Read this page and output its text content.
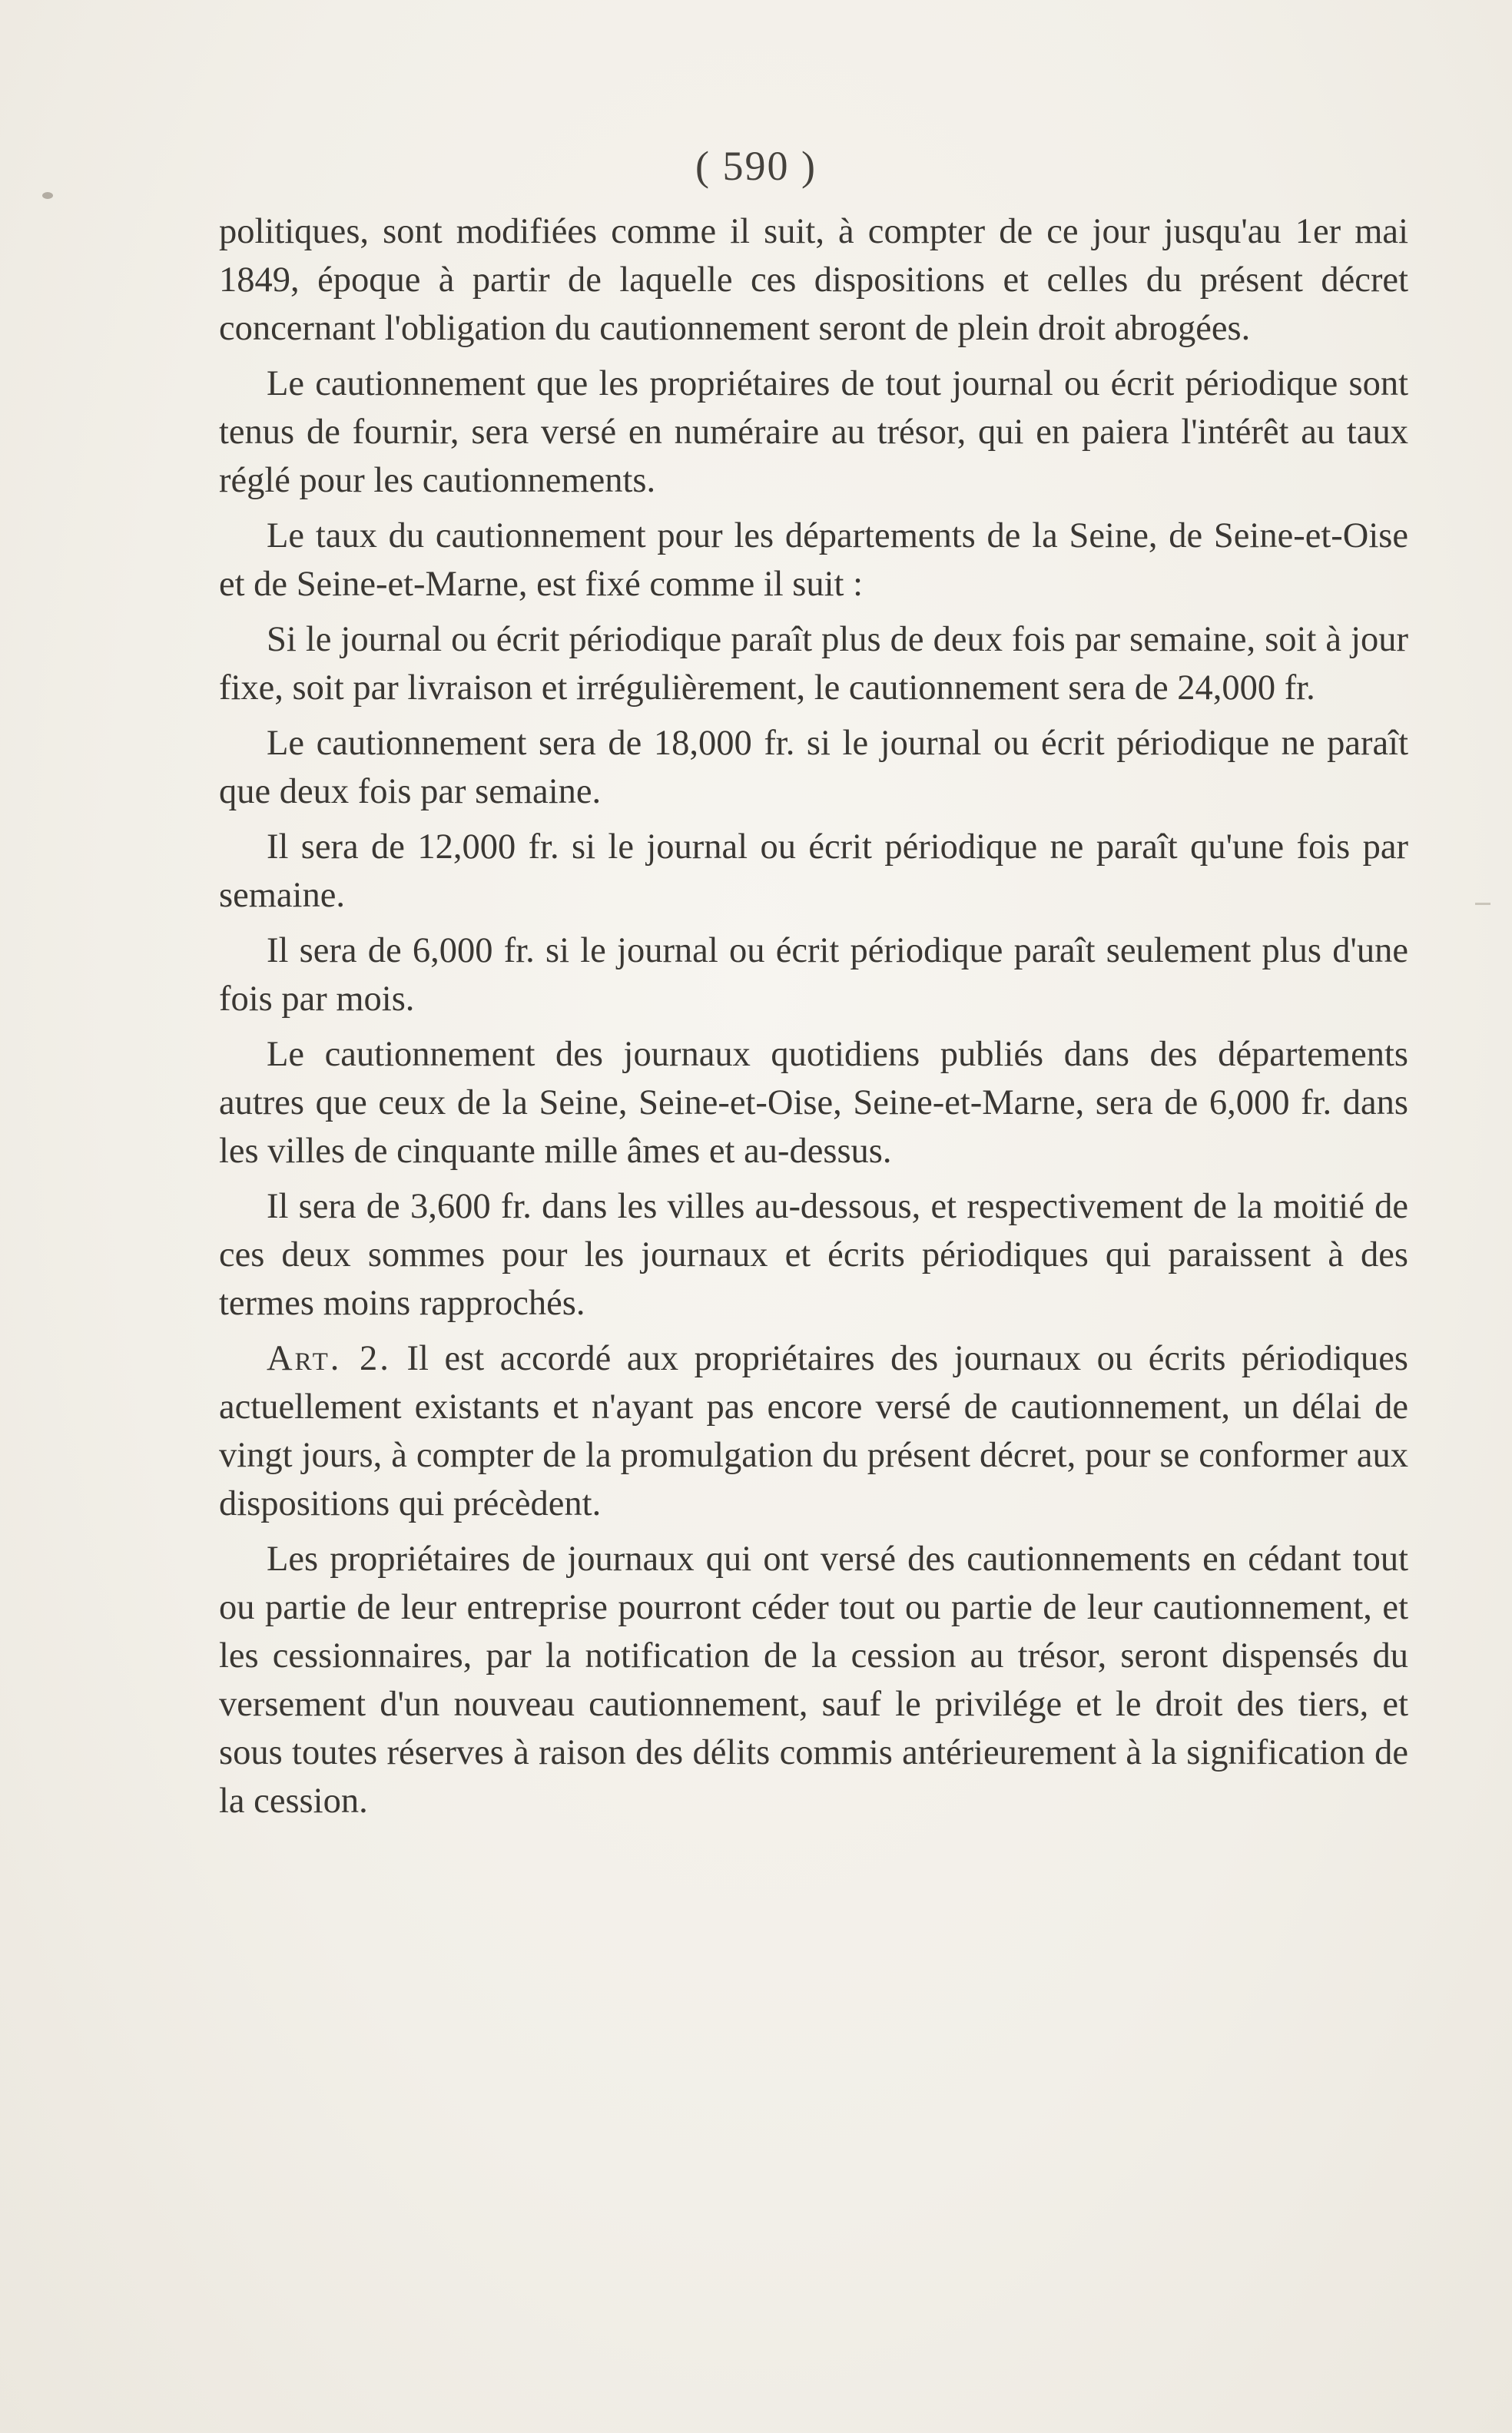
( 590 )

politiques, sont modifiées comme il suit, à compter de ce jour jusqu'au 1er mai 1849, époque à partir de laquelle ces dispositions et celles du présent décret concernant l'obligation du cautionnement seront de plein droit abrogées.

Le cautionnement que les propriétaires de tout journal ou écrit périodique sont tenus de fournir, sera versé en numéraire au trésor, qui en paiera l'intérêt au taux réglé pour les cautionnements.

Le taux du cautionnement pour les départements de la Seine, de Seine-et-Oise et de Seine-et-Marne, est fixé comme il suit :

Si le journal ou écrit périodique paraît plus de deux fois par semaine, soit à jour fixe, soit par livraison et irrégulièrement, le cautionnement sera de 24,000 fr.

Le cautionnement sera de 18,000 fr. si le journal ou écrit périodique ne paraît que deux fois par semaine.

Il sera de 12,000 fr. si le journal ou écrit périodique ne paraît qu'une fois par semaine.

Il sera de 6,000 fr. si le journal ou écrit périodique paraît seulement plus d'une fois par mois.

Le cautionnement des journaux quotidiens publiés dans des départements autres que ceux de la Seine, Seine-et-Oise, Seine-et-Marne, sera de 6,000 fr. dans les villes de cinquante mille âmes et au-dessus.

Il sera de 3,600 fr. dans les villes au-dessous, et respectivement de la moitié de ces deux sommes pour les journaux et écrits périodiques qui paraissent à des termes moins rapprochés.

Art. 2. Il est accordé aux propriétaires des journaux ou écrits périodiques actuellement existants et n'ayant pas encore versé de cautionnement, un délai de vingt jours, à compter de la promulgation du présent décret, pour se conformer aux dispositions qui précèdent.

Les propriétaires de journaux qui ont versé des cautionnements en cédant tout ou partie de leur entreprise pourront céder tout ou partie de leur cautionnement, et les cessionnaires, par la notification de la cession au trésor, seront dispensés du versement d'un nouveau cautionnement, sauf le privilége et le droit des tiers, et sous toutes réserves à raison des délits commis antérieurement à la signification de la cession.
